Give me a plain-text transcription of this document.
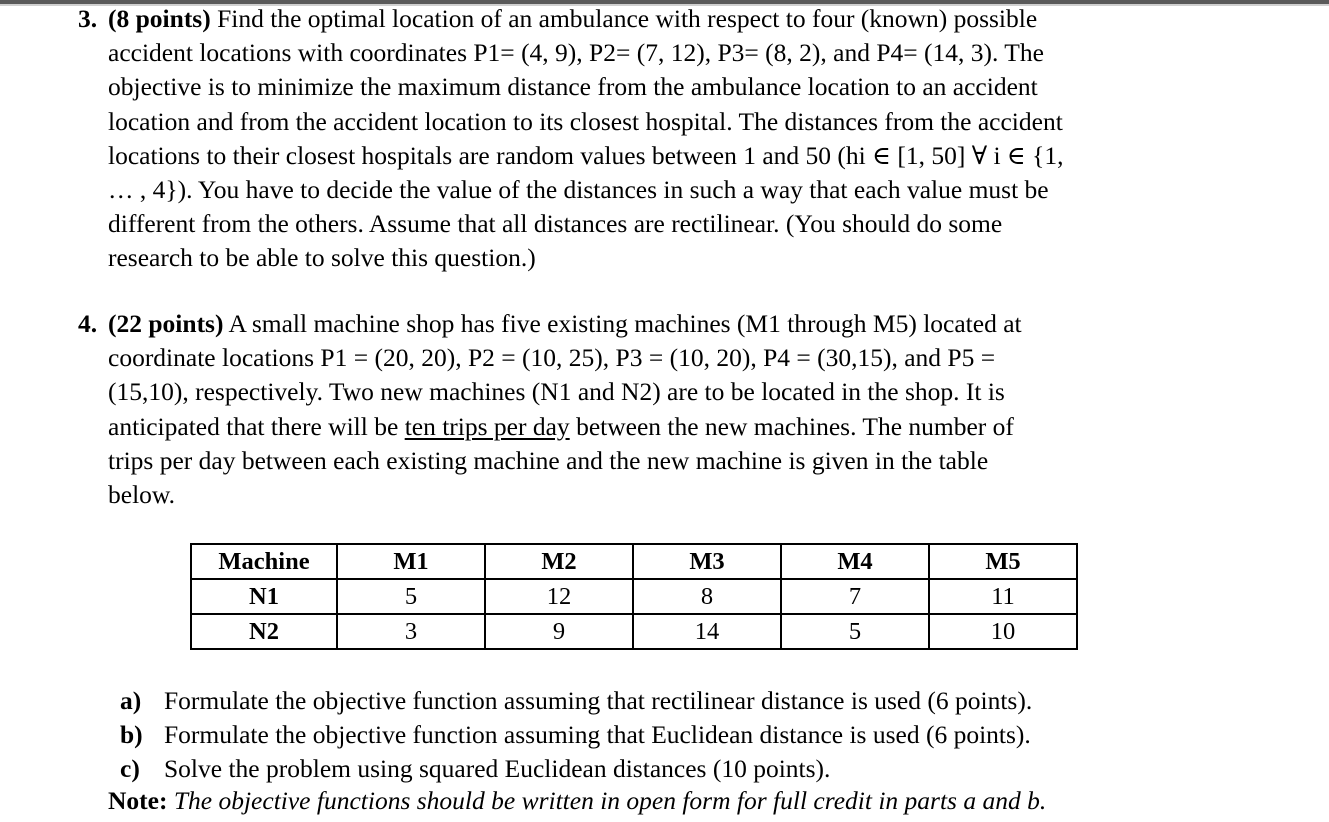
3. (8 points) Find the optimal location of an ambulance with respect to four (known) possible
accident locations with coordinates P1= (4, 9), P2= (7, 12), P3= (8, 2), and P4= (14, 3). The
objective is to minimize the maximum distance from the ambulance location to an accident
location and from the accident location to its closest hospital. The distances from the accident
locations to their closest hospitals are random values between 1 and 50 (hi ∈ [1, 50] ∀ i ∈ {1,
… , 4}). You have to decide the value of the distances in such a way that each value must be
different from the others. Assume that all distances are rectilinear. (You should do some
research to be able to solve this question.)
4. (22 points) A small machine shop has five existing machines (M1 through M5) located at
coordinate locations P1 = (20, 20), P2 = (10, 25), P3 = (10, 20), P4 = (30,15), and P5 =
(15,10), respectively. Two new machines (N1 and N2) are to be located in the shop. It is
anticipated that there will be ten trips per day between the new machines. The number of
trips per day between each existing machine and the new machine is given in the table
below.
Machine	M1	M2	M3	M4	M5
N1	5	12	8	7	11
N2	3	9	14	5	10
a) Formulate the objective function assuming that rectilinear distance is used (6 points).
b) Formulate the objective function assuming that Euclidean distance is used (6 points).
c) Solve the problem using squared Euclidean distances (10 points).
Note: The objective functions should be written in open form for full credit in parts a and b.
